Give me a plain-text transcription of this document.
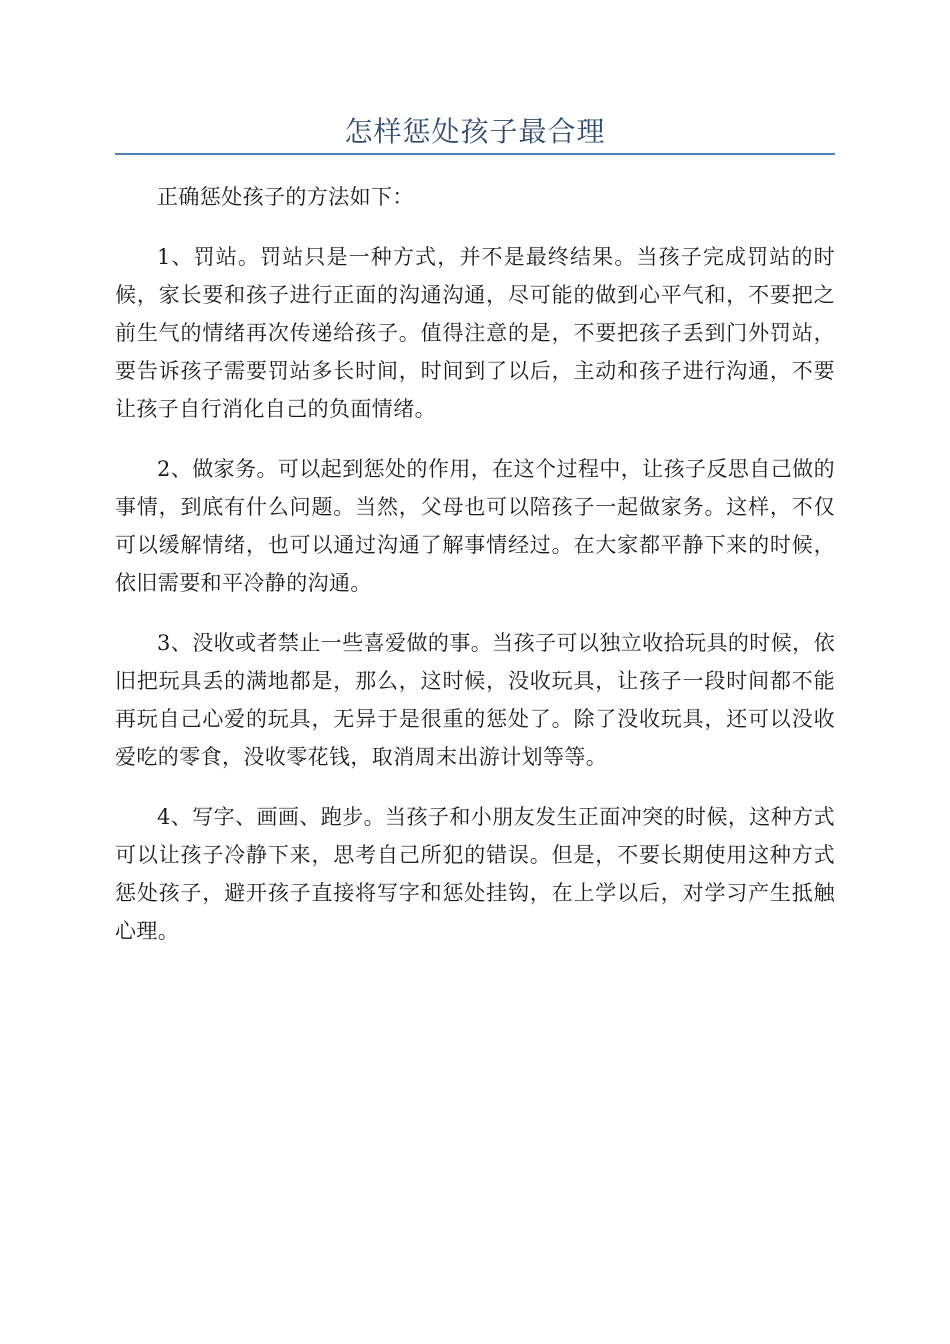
怎样惩处孩子最合理

正确惩处孩子的方法如下：

1、罚站。罚站只是一种方式，并不是最终结果。当孩子完成罚站的时候，家长要和孩子进行正面的沟通沟通，尽可能的做到心平气和，不要把之前生气的情绪再次传递给孩子。值得注意的是，不要把孩子丢到门外罚站，要告诉孩子需要罚站多长时间，时间到了以后，主动和孩子进行沟通，不要让孩子自行消化自己的负面情绪。

2、做家务。可以起到惩处的作用，在这个过程中，让孩子反思自己做的事情，到底有什么问题。当然，父母也可以陪孩子一起做家务。这样，不仅可以缓解情绪，也可以通过沟通了解事情经过。在大家都平静下来的时候，依旧需要和平冷静的沟通。

3、没收或者禁止一些喜爱做的事。当孩子可以独立收拾玩具的时候，依旧把玩具丢的满地都是，那么，这时候，没收玩具，让孩子一段时间都不能再玩自己心爱的玩具，无异于是很重的惩处了。除了没收玩具，还可以没收爱吃的零食，没收零花钱，取消周末出游计划等等。

4、写字、画画、跑步。当孩子和小朋友发生正面冲突的时候，这种方式可以让孩子冷静下来，思考自己所犯的错误。但是，不要长期使用这种方式惩处孩子，避开孩子直接将写字和惩处挂钩，在上学以后，对学习产生抵触心理。
